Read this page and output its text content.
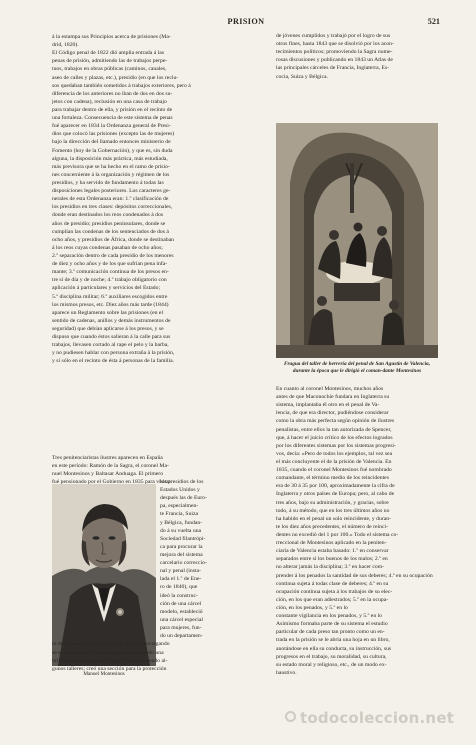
PRISION	521
á la estampa sus Principios acerca de prisiones (Ma-
drid, 1820).
El Código penal de 1822 dió amplia entrada á las
penas de prisión, admitiendo las de trabajos perpe-
tuos, trabajos en obras públicas (caminos, canales,
aseo de calles y plazas, etc.), presidio (en que los reclu-
sos quedaban también sometidos á trabajos exteriores, pero á
diferencia de los anteriores no iban de dos en dos su-
jetos con cadena), reclusión en una casa de trabajo
para trabajar dentro de ella, y prisión en el recinto de
una fortaleza. Consecuencia de este sistema de penas
fué aparecer en 1834 la Ordenanza general de Presi-
dios que colocó las prisiones (excepto las de mujeres)
bajo la dirección del llamado entonces ministerio de
Fomento (hoy de la Gobernación), y que es, sin duda
alguna, la disposición más práctica, más estudiada,
más previsora que se ha hecho en el ramo de prisio-
nes concerniente á la organización y régimen de los
presidios, y ha servido de fundamento á todas las
disposiciones legales posteriores. Los caracteres ge-
nerales de esta Ordenanza eran: 1.º clasificación de
los presidios en tres clases: depósitos correccionales,
donde eran destinados los reos condenados á dos
años de presidio; presidios peninsulares, donde se
cumplían las condenas de los sentenciados de dos á
ocho años, y presidios de África, donde se destinaban
á los reos cuyas condenas pasaban de ocho años;
2.º separación dentro de cada presidio de los menores
de diez y ocho años y de los que sufrían pena infa-
mante; 3.º comunicación continua de los presos en-
tre sí de día y de noche; 4.º trabajo obligatorio con
aplicación á particulares y servicios del Estado;
5.º disciplina militar; 6.º auxiliares escogidos entre
los mismos presos, etc. Diez años más tarde (1844)
aparece un Reglamento sobre las prisiones (en el
sentido de cadenas, anillos y demás instrumentos de
seguridad) que debían aplicarse á los presos, y se
dispuso que cuando éstos salieran á la calle para sus
trabajos, llevasen cortado al rape el pelo y la barba,
y no pudiesen hablar con persona extraña á la prisión,
y sí sólo en el recinto de ésta á personas de la familia.
Manuel Montesinos
los presidios de los
Estados Unidos y
después las de Euro-
pa, especialmen-
te Francia, Suiza
y Bélgica, fundan-
do á su vuelta una
Sociedad filantrópi-
ca para procurar la
mejora del sistema
carcelario correccio-
nal y penal (insta-
lada el 1.º de Ene-
ro de 1840), que
ideó la construc-
ción de una cárcel
modelo, estableció
una cárcel especial
para mujeres, fun-
do un departamen-
Tres penitenciaristas ilustres aparecen en España
en este período: Ramón de la Sagra, el coronel Ma-
nuel Montesinos y Baltasar Anduaga. El primero
fué pensionado por el Gobierno en 1835 para visitar
de jóvenes cumplidos y trabajó por el logro de sus
otros fines, hasta 1843 que se disolvió por los acon-
tecimientos políticos; promoviendo la Sagra nume-
rosas discusiones y publicando en 1843 un Atlas de
las principales cárceles de Francia, Inglaterra, Es-
cocia, Suiza y Bélgica.
Fragua del taller de herrería del penal de San Agustín de Valencia, durante la época que le dirigió el coman-dante Montesinos
En cuanto al coronel Montesinos, muchos años
antes de que Maconochie fundara en Inglaterra su
sistema, implantaba él otro en el penal de Va-
lencia, de que era director, pudiéndose considerar
como la obra más perfecta según opinión de ilustres
penalistas, entre ellos la tan autorizada de Spencer,
que, á hacer el juicio crítico de los efectos logrados
por los diferentes sistemas por los sistemas progresi-
vos, decía: «Pero de todos los ejemplos, tal vez sea
el más concluyente el de la prisión de Valencia. En
1835, cuando el coronel Montesinos fué nombrado
comandante, el término medio de los reincidentes
era de 30 á 35 por 100, aproximadamente la cifra de
Inglaterra y otros países de Europa; pero, al cabo de
tres años, bajo su administración, y gracias, sobre
todo, á su método, que en los tres últimos años no
ha habido en el penal un solo reincidente, y duran-
te los diez años precedentes, el número de reinci-
dentes no excedió del 1 por 100.» Todo el sistema co-
rreccional de Montesinos aplicado en la peniten-
ciaría de Valencia estaba basado: 1.º en conservar
separados entre sí los buenos de los malos; 2.º en
no alterar jamás la disciplina; 3.º en hacer com-
prender á los penados la santidad de sus deberes; 4.º en su ocupación
continua sujeta á todas clase de deberes; 4.º en su
ocupación continua sujeta á los trabajos de su elec-
ción, en los que eran adiestrados; 5.º en la ocupa-
ción, en los penados, y 5.º en lo
constante vigilancia en los penados, y 5.º en lo
Asimismo formaba parte de su sistema el estudio
particular de cada preso tan pronto como un en-
trada en la prisión se le abría una hoja en un libro,
anotándose en ella su conducta, su instrucción, sus
progresos en el trabajo, su moralidad, su cultura,
su estado moral y religioso, etc., de un modo ex-
haustivo.
todocoleccion.net
to de jóvenes en el Saladero de Madrid, encargando
se su instrucción á los escolapios (realizando una
brillante labor el padre Campo) y estableciendo al-
gunos talleres; creó una sección para la protección
